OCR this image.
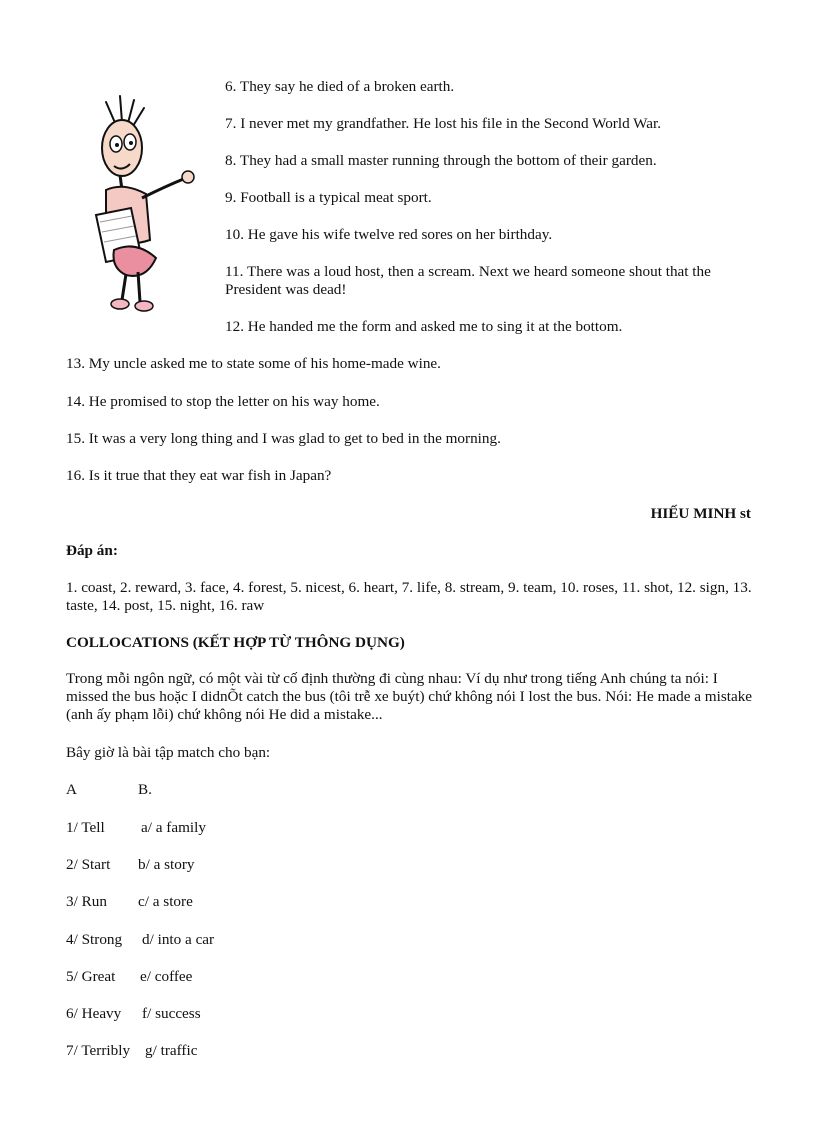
6. They say he died of a broken earth.
7. I never met my grandfather. He lost his file in the Second World War.
8. They had a small master running through the bottom of their garden.
9. Football is a typical meat sport.
10. He gave his wife twelve red sores on her birthday.
11. There was a loud host, then a scream. Next we heard someone shout that the President was dead!
12. He handed me the form and asked me to sing it at the bottom.
13. My uncle asked me to state some of his home-made wine.
14. He promised to stop the letter on his way home.
15. It was a very long thing and I was glad to get to bed in the morning.
16. Is it true that they eat war fish in Japan?
HIẾU MINH st
Đáp án:
1. coast, 2. reward, 3. face, 4. forest, 5. nicest, 6. heart, 7. life, 8. stream, 9. team, 10. roses, 11. shot, 12. sign, 13. taste, 14. post, 15. night, 16. raw
COLLOCATIONS (KẾT HỢP TỪ THÔNG DỤNG)
Trong mỗi ngôn ngữ, có một vài từ cố định thường đi cùng nhau: Ví dụ như trong tiếng Anh chúng ta nói: I missed the bus hoặc I didnÕt catch the bus (tôi trễ xe buýt) chứ không nói I lost the bus. Nói: He made a mistake (anh ấy phạm lỗi) chứ không nói He did a mistake...
Bây giờ là bài tập match cho bạn:
A	B.
1/ Tell a/ a family
2/ Start b/ a story
3/ Run c/ a store
4/ Strong d/ into a car
5/ Great e/ coffee
6/ Heavy f/ success
7/ Terribly g/ traffic
